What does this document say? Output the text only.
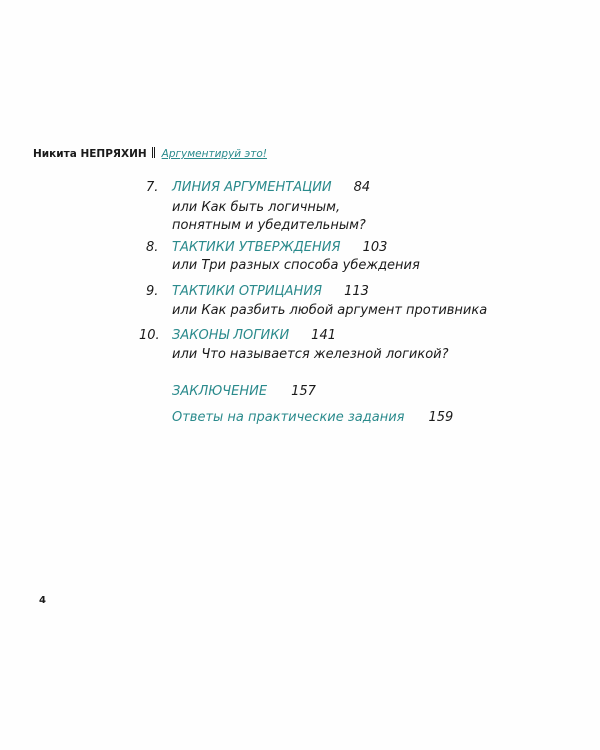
Никита НЕПРЯХИН Аргументируй это!
7. ЛИНИЯ АРГУМЕНТАЦИИ 84
или Как быть логичным,
понятным и убедительным?
8. ТАКТИКИ УТВЕРЖДЕНИЯ 103
или Три разных способа убеждения
9. ТАКТИКИ ОТРИЦАНИЯ 113
или Как разбить любой аргумент противника
10. ЗАКОНЫ ЛОГИКИ 141
или Что называется железной логикой?
ЗАКЛЮЧЕНИЕ 157
Ответы на практические задания 159
4
